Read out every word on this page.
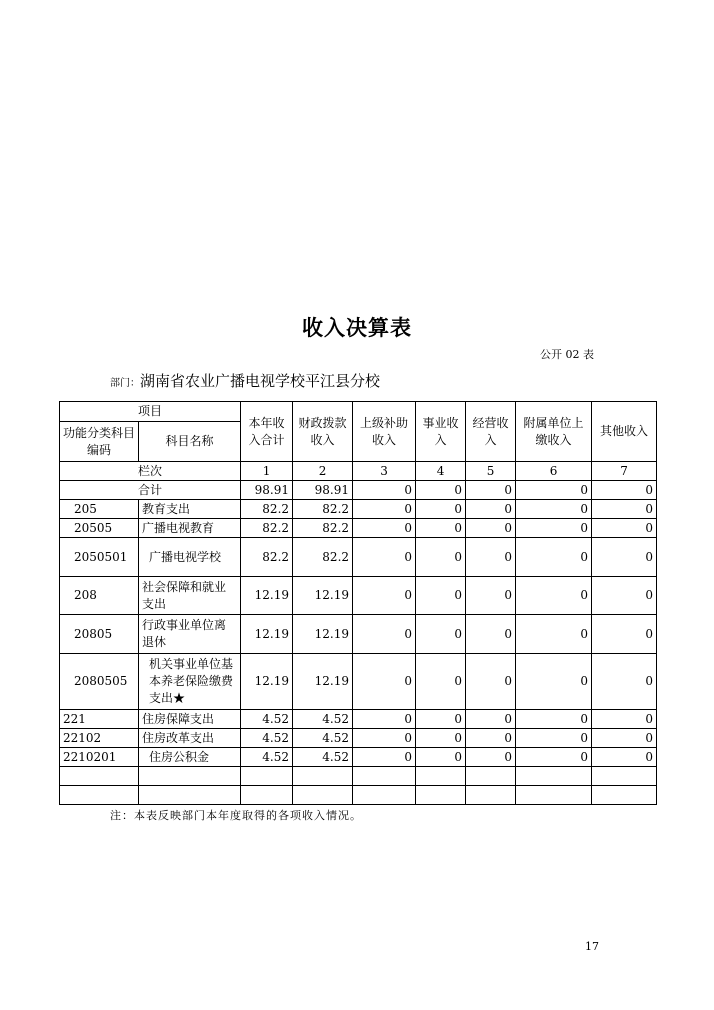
收入决算表
公开 02 表
部门：湖南省农业广播电视学校平江县分校
项目		本年收入合计	财政拨款收入	上级补助收入	事业收入	经营收入	附属单位上缴收入	其他收入
功能分类科目编码	科目名称							
栏次		1	2	3	4	5	6	7
合计		98.91	98.91	0	0	0	0	0
205	教育支出	82.2	82.2	0	0	0	0	0
20505	广播电视教育	82.2	82.2	0	0	0	0	0
2050501	广播电视学校	82.2	82.2	0	0	0	0	0
208	社会保障和就业支出	12.19	12.19	0	0	0	0	0
20805	行政事业单位离退休	12.19	12.19	0	0	0	0	0
2080505	机关事业单位基本养老保险缴费支出★	12.19	12.19	0	0	0	0	0
221	住房保障支出	4.52	4.52	0	0	0	0	0
22102	住房改革支出	4.52	4.52	0	0	0	0	0
2210201	住房公积金	4.52	4.52	0	0	0	0	0

注：本表反映部门本年度取得的各项收入情况。
17
